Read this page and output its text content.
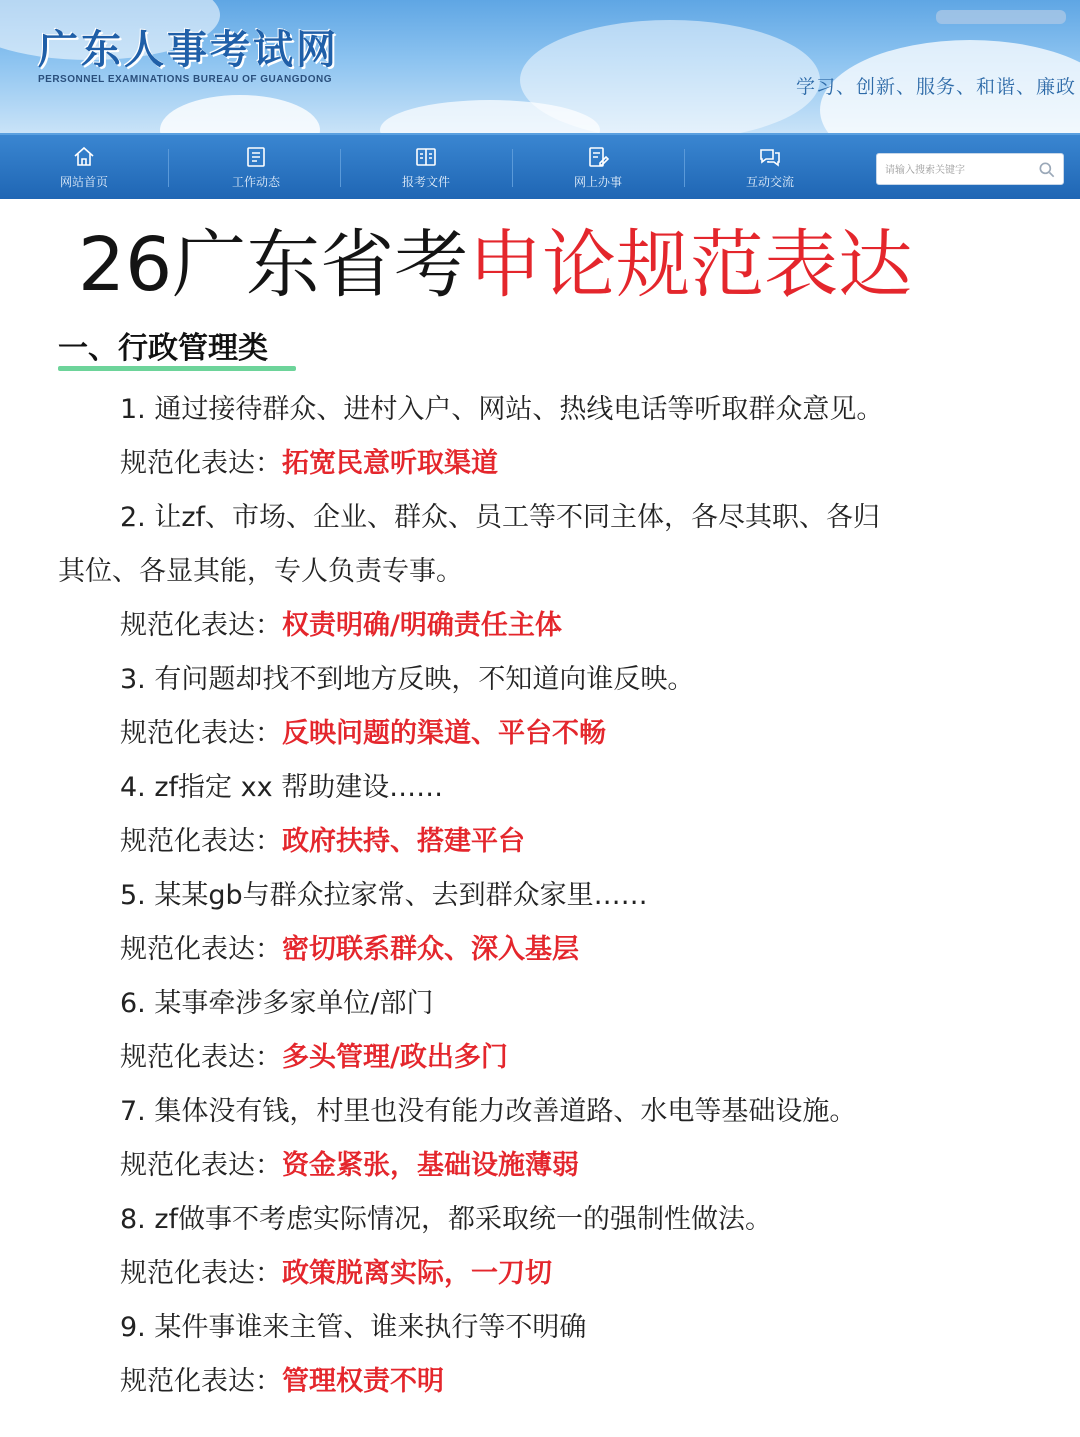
广东人事考试网
PERSONNEL EXAMINATIONS BUREAU OF GUANGDONG	学习、创新、服务、和谐、廉政
网站首页	工作动态	报考文件	网上办事	互动交流
请输入搜索关键字
26广东省考申论规范表达
一、行政管理类
1. 通过接待群众、进村入户、网站、热线电话等听取群众意见。
规范化表达：拓宽民意听取渠道
2. 让zf、市场、企业、群众、员工等不同主体，各尽其职、各归
其位、各显其能，专人负责专事。
规范化表达：权责明确/明确责任主体
3. 有问题却找不到地方反映，不知道向谁反映。
规范化表达：反映问题的渠道、平台不畅
4. zf指定 xx 帮助建设……
规范化表达：政府扶持、搭建平台
5. 某某gb与群众拉家常、去到群众家里……
规范化表达：密切联系群众、深入基层
6. 某事牵涉多家单位/部门
规范化表达：多头管理/政出多门
7. 集体没有钱，村里也没有能力改善道路、水电等基础设施。
规范化表达：资金紧张，基础设施薄弱
8. zf做事不考虑实际情况，都采取统一的强制性做法。
规范化表达：政策脱离实际，一刀切
9. 某件事谁来主管、谁来执行等不明确
规范化表达：管理权责不明
